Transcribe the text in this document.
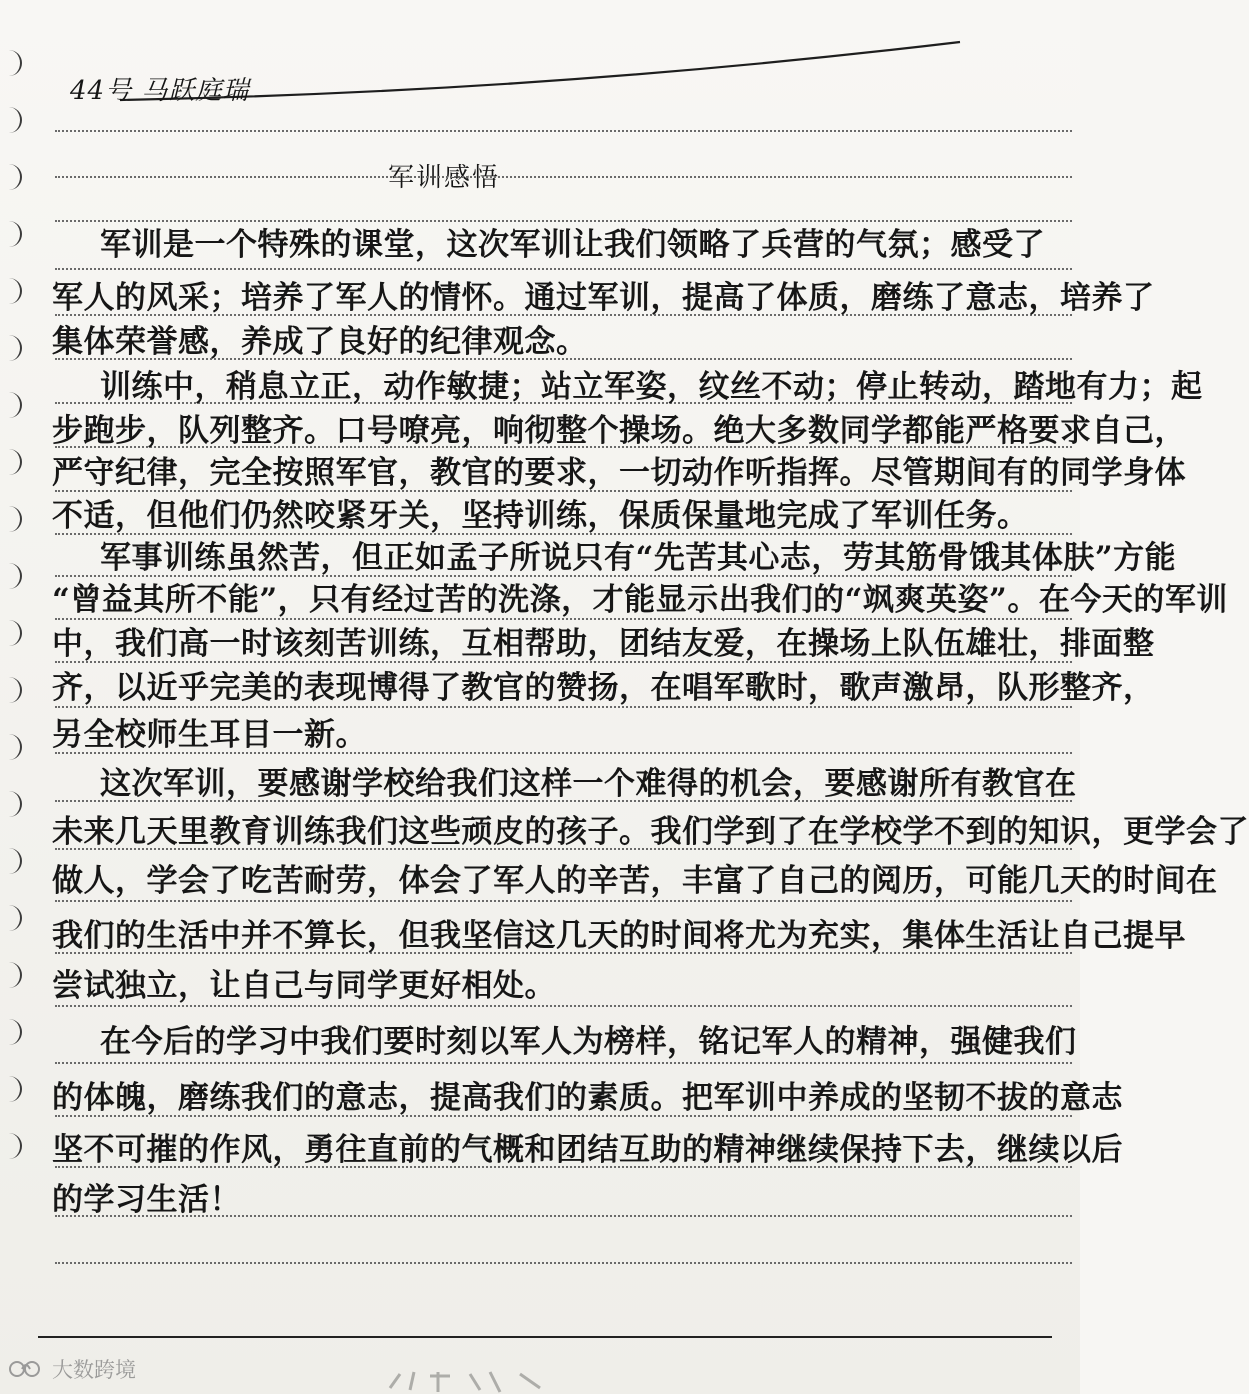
44号 马跃庭瑞
军训感悟
军训是一个特殊的课堂，这次军训让我们领略了兵营的气氛；感受了
军人的风采；培养了军人的情怀。通过军训，提高了体质，磨练了意志，培养了
集体荣誉感，养成了良好的纪律观念。
训练中，稍息立正，动作敏捷；站立军姿，纹丝不动；停止转动，踏地有力；起
步跑步，队列整齐。口号嘹亮，响彻整个操场。绝大多数同学都能严格要求自己，
严守纪律，完全按照军官，教官的要求，一切动作听指挥。尽管期间有的同学身体
不适，但他们仍然咬紧牙关，坚持训练，保质保量地完成了军训任务。
军事训练虽然苦，但正如孟子所说只有“先苦其心志，劳其筋骨饿其体肤”方能
“曾益其所不能”，只有经过苦的洗涤，才能显示出我们的“飒爽英姿”。在今天的军训
中，我们高一时该刻苦训练，互相帮助，团结友爱，在操场上队伍雄壮，排面整
齐，以近乎完美的表现博得了教官的赞扬，在唱军歌时，歌声激昂，队形整齐，
另全校师生耳目一新。
这次军训，要感谢学校给我们这样一个难得的机会，要感谢所有教官在
未来几天里教育训练我们这些顽皮的孩子。我们学到了在学校学不到的知识，更学会了
做人，学会了吃苦耐劳，体会了军人的辛苦，丰富了自己的阅历，可能几天的时间在
我们的生活中并不算长，但我坚信这几天的时间将尤为充实，集体生活让自己提早
尝试独立，让自己与同学更好相处。
在今后的学习中我们要时刻以军人为榜样，铭记军人的精神，强健我们
的体魄，磨练我们的意志，提高我们的素质。把军训中养成的坚韧不拔的意志
坚不可摧的作风，勇往直前的气概和团结互助的精神继续保持下去，继续以后
的学习生活！
大数跨境
